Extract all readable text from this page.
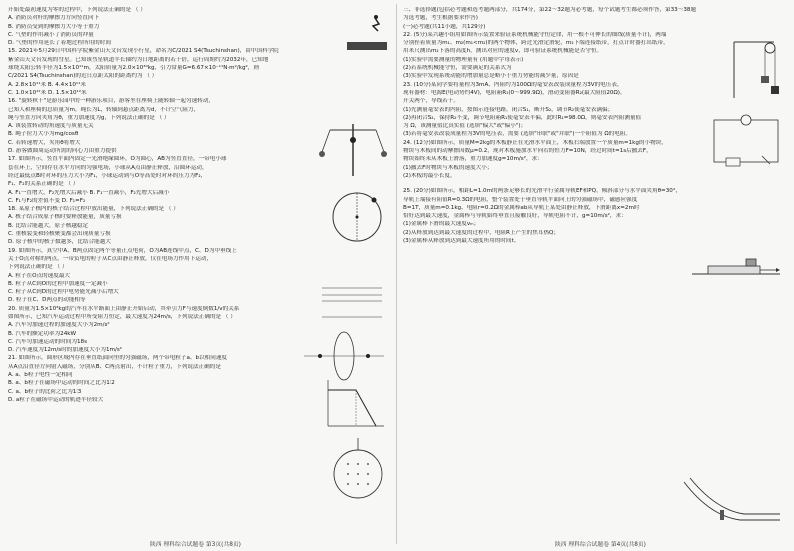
开始处最初速度为零的过程中，下列说法正确的是 （ ）

A. 消防员对杆的摩擦力方向竖直向下

B. 消防员受到的摩擦力大小等于重力

C. 气垫的作用减小了消防员的冲量

D. 气垫的作用延长了着地过程所用的时间

15. 2021年5月29日中国科学院紫金山天文台发现小行星，命名为C/2021 S4(Tsuchinshan)，由中国科学院

紫金山天文台发现的彗星。已知该彗星轨道半长轴约为日地距离的若干倍，运行周期约为2032年，已知地

球绕太阳公转半径为1.5×10¹¹m，太阳质量为2.0×10³⁰kg，引力常量G=6.67×10⁻¹¹N·m²/kg²，则

C/2021 S4(Tsuchinshan)的近日点距太阳的距离约为 （ ）

A. 2.8×10¹¹米 B. 4.4×10¹¹米

C. 1.0×10¹²米 D. 1.5×10¹²米

16. "旋转秋千"是游乐园中的一种游乐项目，游客坐在座椅上随转轴一起匀速转动，

已知人和座椅的总质量为m，绳长为L，转轴到悬点距离为d，不计空气阻力，

绳与竖直方向夹角为θ，重力加速度为g，下列说法正确的是 （ ）

A. 该装置转动的角速度与质量无关

B. 绳子拉力大小为mg/cosθ

C. 若转速增大，夹角θ将增大

D. 游客做圆周运动所需的向心力由重力提供

17. 如图所示，竖直平面内固定一光滑绝缘圆环，O为圆心，AB为竖直直径，一带电小球

套在环上，空间存在水平方向的匀强电场，小球从A点由静止释放，沿圆环运动，

经过最低点B时对环的压力大小为F₁，小球运动到与O等高处时对环的压力为F₂，

F₁、F₂的关系正确的是 （ ）

A. F₁一直增大，F₂先增大后减小 B. F₁一直减小，F₂先增大后减小

C. F₁与F₂的差值不变 D. F₁=F₂

18. 某原子核内的核子结合过程中放出能量，下列说法正确的是 （ ）

A. 核子结合成原子核时要释放能量，质量亏损

B. 比结合能越大，原子核越稳定

C. 重核裂变和轻核聚变都会出现质量亏损

D. 原子核中的核子数越多，比结合能越大

19. 如图所示，真空中A、B两点固定两个等量正点电荷，O为AB连线中点，C、D为中垂线上

关于O点对称的两点，一带负电的粒子从C点由静止释放，仅在电场力作用下运动，

下列说法正确的是 （ ）

A. 粒子在O点的速度最大

B. 粒子从C到O的过程中加速度一定减小

C. 粒子从C到D的过程中电势能先减小后增大

D. 粒子在C、D两点的动能相等

20. 质量为1.5×10³kg的汽车在水平路面上由静止开始启动，其牵引力F与速度倒数1/v的关系

如图所示，已知汽车运动过程中所受阻力恒定，最大速度为24m/s，下列说法正确的是 （ ）

A. 汽车匀加速过程的加速度大小为2m/s²

B. 汽车的额定功率为24kW

C. 汽车匀加速运动的时间为18s

D. 汽车速度为12m/s时的加速度大小为1m/s²

21. 如图所示，圆形区域内存在垂直纸面向里的匀强磁场，两个带电粒子a、b以相同速度

从A点沿直径方向射入磁场，分别从B、C两点射出，不计粒子重力，下列说法正确的是

A. a、b粒子电性一定相同

B. a、b粒子在磁场中运动的时间之比为1∶2

C. a、b粒子的比荷之比为1∶3

D. a粒子在磁场中运动的轨迹半径较大

三、非选择题(包括必考题和选考题两部分，共174分，第22～32题为必考题，每个试题考生都必须作答，第33～38题

为选考题，考生根据要求作答)

(一)必考题(共11小题，共129分)

22. (5分)某兴趣小组用如图所示装置来验证系统机械能守恒定律，用一根不可伸长的细线(质量不计)，两端

分别拴着质量为m₁、m₂(m₁<m₂)的两个物体，跨过光滑定滑轮，m₂下端连接纸带，打点计时器打出纸带，

用米尺测出m₂下落的高度h，测出对应的速度v，即可验证系统机械能是否守恒。

(1)实验中需要测量的物理量有 (用题中字母表示)

(2)若系统机械能守恒，需要满足的关系式为

(3)实验中发现系统动能的增加量总是略小于重力势能的减少量，原因是

23. (10分)某同学要将量程为3mA、内阻约为100Ω的毫安表改装成量程为3V的电压表，

现有器材：电源E(电动势约4V)，电阻箱R₁(0～999.9Ω)，滑动变阻器R₂(最大阻值20Ω)，

开关两个，导线若干。

(1)先测量毫安表的内阻，按图示连接电路，闭合S₁，断开S₂，调节R₂使毫安表满偏；

(2)再闭合S₂，保持R₂不变，调节电阻箱R₁使毫安表半偏，此时R₁=98.0Ω，则毫安表内阻测量值

为 Ω，该测量值比真实值 (选填"偏大"或"偏小")；

(3)若将毫安表改装成量程为3V的电压表，需要 (选填"串联"或"并联")一个阻值为 Ω的电阻。

24. (12分)如图所示，质量M=2kg的木板静止在光滑水平面上，木板右端放置一个质量m=1kg的小物块，

物块与木板间的动摩擦因数μ=0.2，现对木板施加水平向右的恒力F=10N，经过时间t=1s后撤去F，

物块始终未从木板上滑落，重力加速度g=10m/s²，求：

(1)撤去F时物块与木板的速度大小；

(2)木板的最小长度。

25. (20分)如图所示，相距L=1.0m的两条足够长的光滑平行金属导轨EF和PQ，倾斜部分与水平面夹角θ=30°，

导轨上端接有阻值R=0.3Ω的电阻，整个装置处于垂直导轨平面向上的匀强磁场中，磁感应强度

B=1T，质量m=0.1kg、电阻r=0.2Ω的金属棒ab从导轨上某处由静止释放，下滑距离x=2m时

恰好达到最大速度，金属棒与导轨始终垂直且接触良好，导轨电阻不计，g=10m/s²，求：

(1)金属棒下滑的最大速度vₘ；

(2)从释放到达到最大速度的过程中，电阻R上产生的焦耳热Q；

(3)金属棒从释放到达到最大速度所用的时间t。

陕西 理科综合试题卷 第3页(共8页)	陕西 理科综合试题卷 第4页(共8页)
